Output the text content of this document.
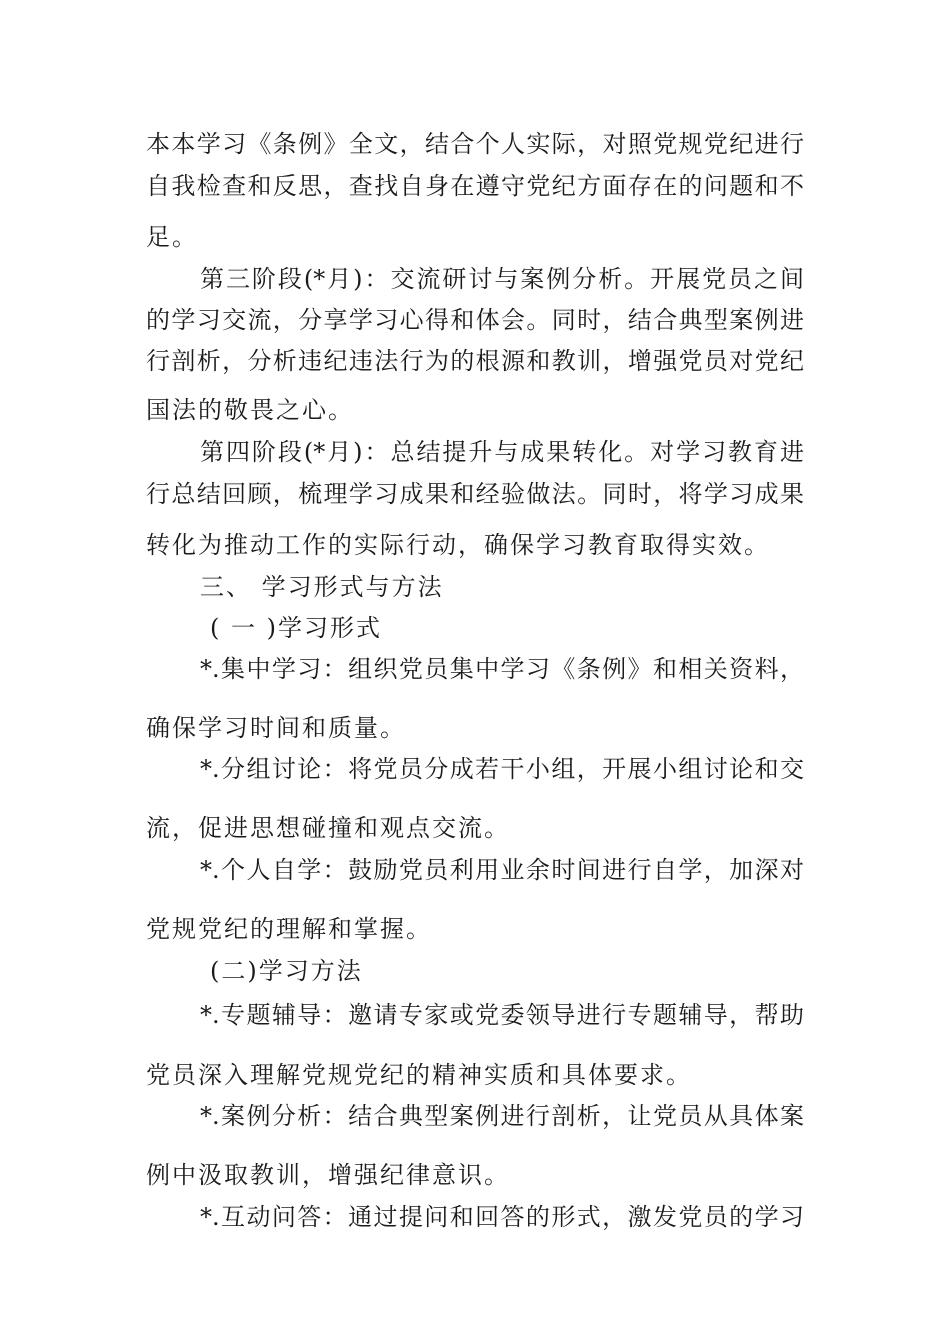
本本学习《条例》全文，结合个人实际，对照党规党纪进行
自我检查和反思，查找自身在遵守党纪方面存在的问题和不
足。
第三阶段(*月)：交流研讨与案例分析。开展党员之间
的学习交流，分享学习心得和体会。同时，结合典型案例进
行剖析，分析违纪违法行为的根源和教训，增强党员对党纪
国法的敬畏之心。
第四阶段(*月)：总结提升与成果转化。对学习教育进
行总结回顾，梳理学习成果和经验做法。同时，将学习成果
转化为推动工作的实际行动，确保学习教育取得实效。
三、 学习形式与方法
( 一 )学习形式
*.集中学习：组织党员集中学习《条例》和相关资料，
确保学习时间和质量。
*.分组讨论：将党员分成若干小组，开展小组讨论和交
流，促进思想碰撞和观点交流。
*.个人自学：鼓励党员利用业余时间进行自学，加深对
党规党纪的理解和掌握。
(二)学习方法
*.专题辅导：邀请专家或党委领导进行专题辅导，帮助
党员深入理解党规党纪的精神实质和具体要求。
*.案例分析：结合典型案例进行剖析，让党员从具体案
例中汲取教训，增强纪律意识。
*.互动问答：通过提问和回答的形式，激发党员的学习
